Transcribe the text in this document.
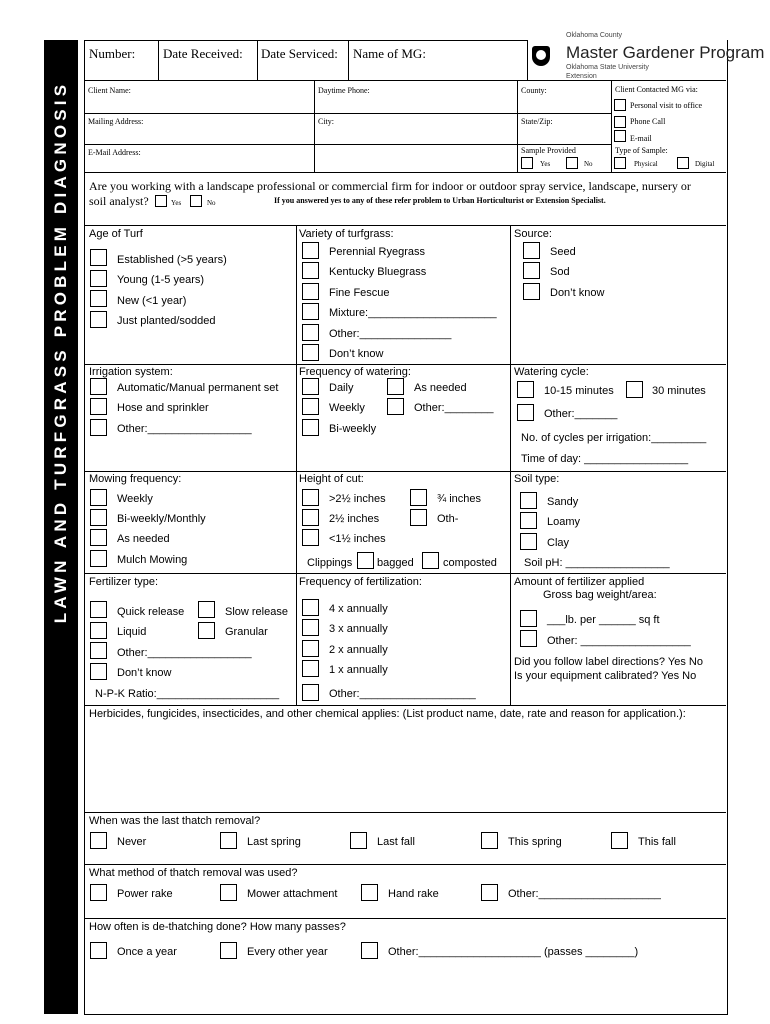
LAWN AND TURFGRASS PROBLEM DIAGNOSIS
Number: Date Received: Date Serviced: Name of MG:
Oklahoma County
Master Gardener Program
Oklahoma State University
Extension
Client Name:	Daytime Phone:	County:	Client Contacted MG via:
Personal visit to office
Mailing Address:	City:	State/Zip:	Phone Call
E-mail
E-Mail Address:	Sample Provided
Yes	No
Type of Sample:
Physical	Digital
Are you working with a landscape professional or commercial firm for indoor or outdoor spray service, landscape, nursery or
soil analyst?	Yes	No	If you answered yes to any of these refer problem to Urban Horticulturist or Extension Specialist.
Age of Turf
Established (>5 years)
Young (1-5 years)
New (<1 year)
Just planted/sodded
Variety of turfgrass:
Perennial Ryegrass
Kentucky Bluegrass
Fine Fescue
Mixture:_____________________
Other:_______________
Don’t know
Source:
Seed
Sod
Don’t know
Irrigation system:
Automatic/Manual permanent set
Hose and sprinkler
Other:_________________
Frequency of watering:
Daily	As needed
Weekly	Other:________
Bi-weekly
Watering cycle:
10-15 minutes	30 minutes
Other:_______
No. of cycles per irrigation:_________
Time of day: _________________
Mowing frequency:
Weekly
Bi-weekly/Monthly
As needed
Mulch Mowing
Height of cut:
>2½ inches	¾ inches
2½ inches	Oth-
<1½ inches
Clippings bagged	composted
Soil type:
Sandy
Loamy
Clay
Soil pH: _________________
Fertilizer type:
Quick release	Slow release
Liquid	Granular
Other:_________________
Don’t know
N-P-K Ratio:____________________
Frequency of fertilization:
4 x annually
3 x annually
2 x annually
1 x annually
Other:___________________
Amount of fertilizer applied
Gross bag weight/area:
___lb. per ______ sq ft
Other: __________________
Did you follow label directions? Yes No
Is your equipment calibrated? Yes No
Herbicides, fungicides, insecticides, and other chemical applies: (List product name, date, rate and reason for application.):
When was the last thatch removal?
Never	Last spring	Last fall	This spring	This fall
What method of thatch removal was used?
Power rake	Mower attachment	Hand rake	Other:____________________
How often is de-thatching done? How many passes?
Once a year	Every other year	Other:____________________ (passes ________)
